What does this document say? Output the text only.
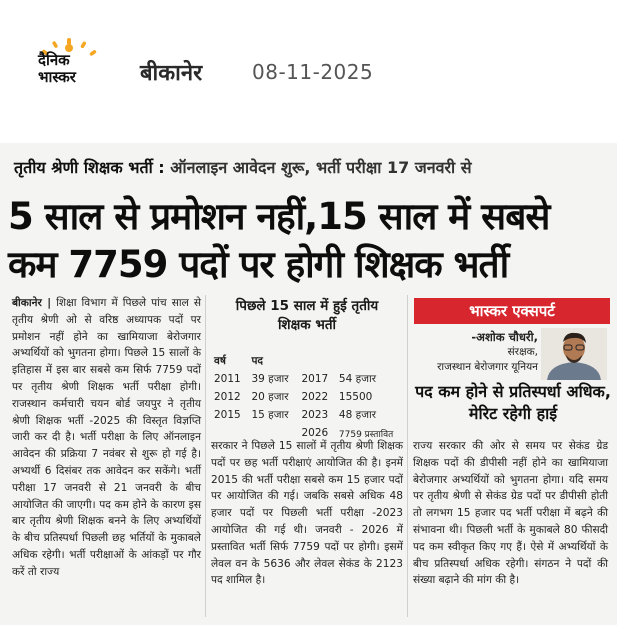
दैनिक भास्कर	बीकानेर 08-11-2025
तृतीय श्रेणी शिक्षक भर्ती : ऑनलाइन आवेदन शुरू, भर्ती परीक्षा 17 जनवरी से
5 साल से प्रमोशन नहीं,15 साल में सबसे
कम 7759 पदों पर होगी शिक्षक भर्ती
बीकानेर | शिक्षा विभाग में पिछले पांच साल से तृतीय श्रेणी ओ से वरिष्ठ अध्यापक पदों पर प्रमोशन नहीं होने का खामियाजा बेरोजगार अभ्यर्थियों को भुगतना होगा। पिछले 15 सालों के इतिहास में इस बार सबसे कम सिर्फ 7759 पदों पर तृतीय श्रेणी शिक्षक भर्ती परीक्षा होगी। राजस्थान कर्मचारी चयन बोर्ड जयपुर ने तृतीय श्रेणी शिक्षक भर्ती -2025 की विस्तृत विज्ञप्ति जारी कर दी है। भर्ती परीक्षा के लिए ऑनलाइन आवेदन की प्रक्रिया 7 नवंबर से शुरू हो गई है। अभ्यर्थी 6 दिसंबर तक आवेदन कर सकेंगे। भर्ती परीक्षा 17 जनवरी से 21 जनवरी के बीच आयोजित की जाएगी। पद कम होने के कारण इस बार तृतीय श्रेणी शिक्षक बनने के लिए अभ्यर्थियों के बीच प्रतिस्पर्धा पिछली छह भर्तियों के मुकाबले अधिक रहेगी। भर्ती परीक्षाओं के आंकड़ों पर गौर करें तो राज्य
पिछले 15 साल में हुई तृतीय शिक्षक भर्ती
वर्ष	पद		
2011	39 हजार	2017	54 हजार
2012	20 हजार	2022	15500
2015	15 हजार	2023	48 हजार
		2026	7759 प्रस्तावित
भास्कर एक्सपर्ट
-अशोक चौधरी,
संरक्षक,
राजस्थान बेरोजगार यूनियन
पद कम होने से प्रतिस्पर्धा अधिक, मेरिट रहेगी हाई
सरकार ने पिछले 15 सालों में तृतीय श्रेणी शिक्षक पदों पर छह भर्ती परीक्षाएं आयोजित की है। इनमें 2015 की भर्ती परीक्षा सबसे कम 15 हजार पदों पर आयोजित की गई। जबकि सबसे अधिक 48 हजार पदों पर पिछली भर्ती परीक्षा -2023 आयोजित की गई थी। जनवरी - 2026 में प्रस्तावित भर्ती सिर्फ 7759 पदों पर होगी। इसमें लेवल वन के 5636 और लेवल सेकंड के 2123 पद शामिल है।
राज्य सरकार की ओर से समय पर सेकंड ग्रेड शिक्षक पदों की डीपीसी नहीं होने का खामियाजा बेरोजगार अभ्यर्थियों को भुगतना होगा। यदि समय पर तृतीय श्रेणी से सेकंड ग्रेड पदों पर डीपीसी होती तो लगभग 15 हजार पद भर्ती परीक्षा में बढ़ने की संभावना थी। पिछली भर्ती के मुकाबले 80 फीसदी पद कम स्वीकृत किए गए हैं। ऐसे में अभ्यर्थियों के बीच प्रतिस्पर्धा अधिक रहेगी। संगठन ने पदों की संख्या बढ़ाने की मांग की है।
